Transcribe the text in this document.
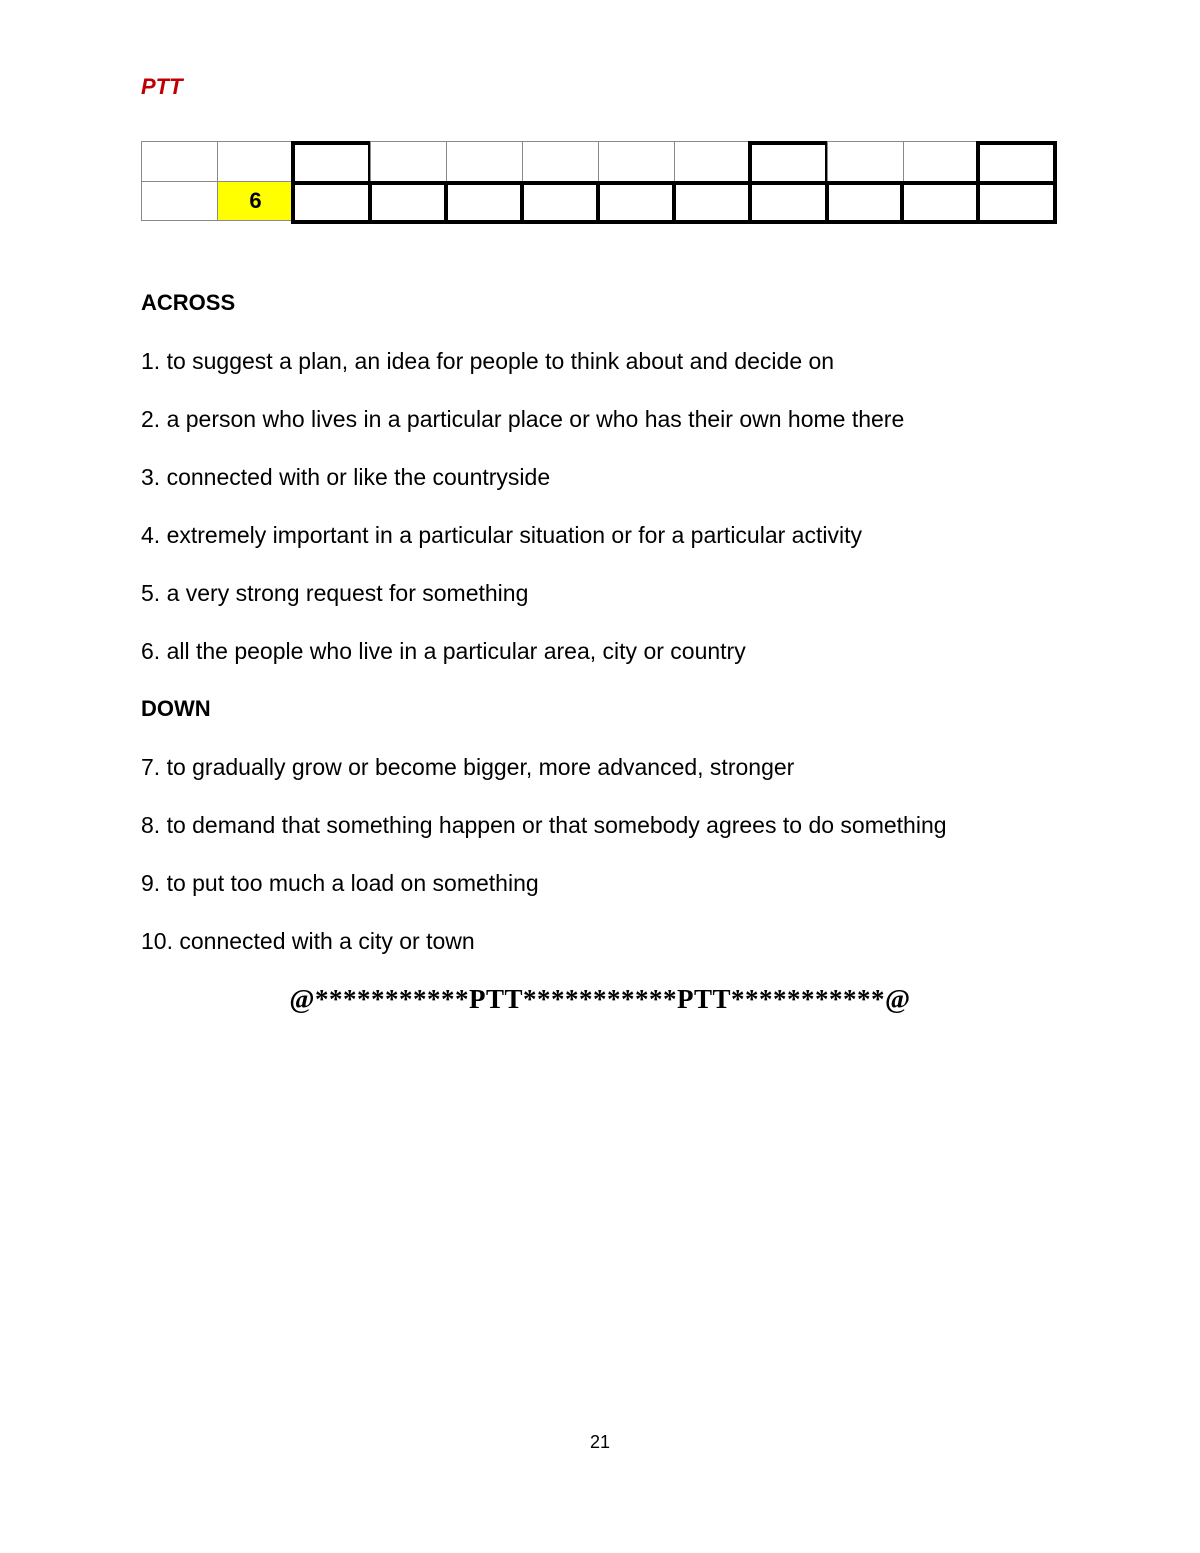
PTT
6

ACROSS

1. to suggest a plan, an idea for people to think about and decide on

2. a person who lives in a particular place or who has their own home there

3. connected with or like the countryside

4. extremely important in a particular situation or for a particular activity

5. a very strong request for something

6. all the people who live in a particular area, city or country

DOWN

7. to gradually grow or become bigger, more advanced, stronger

8. to demand that something happen or that somebody agrees to do something

9. to put too much a load on something

10. connected with a city or town

@***********PTT***********PTT***********@
21
